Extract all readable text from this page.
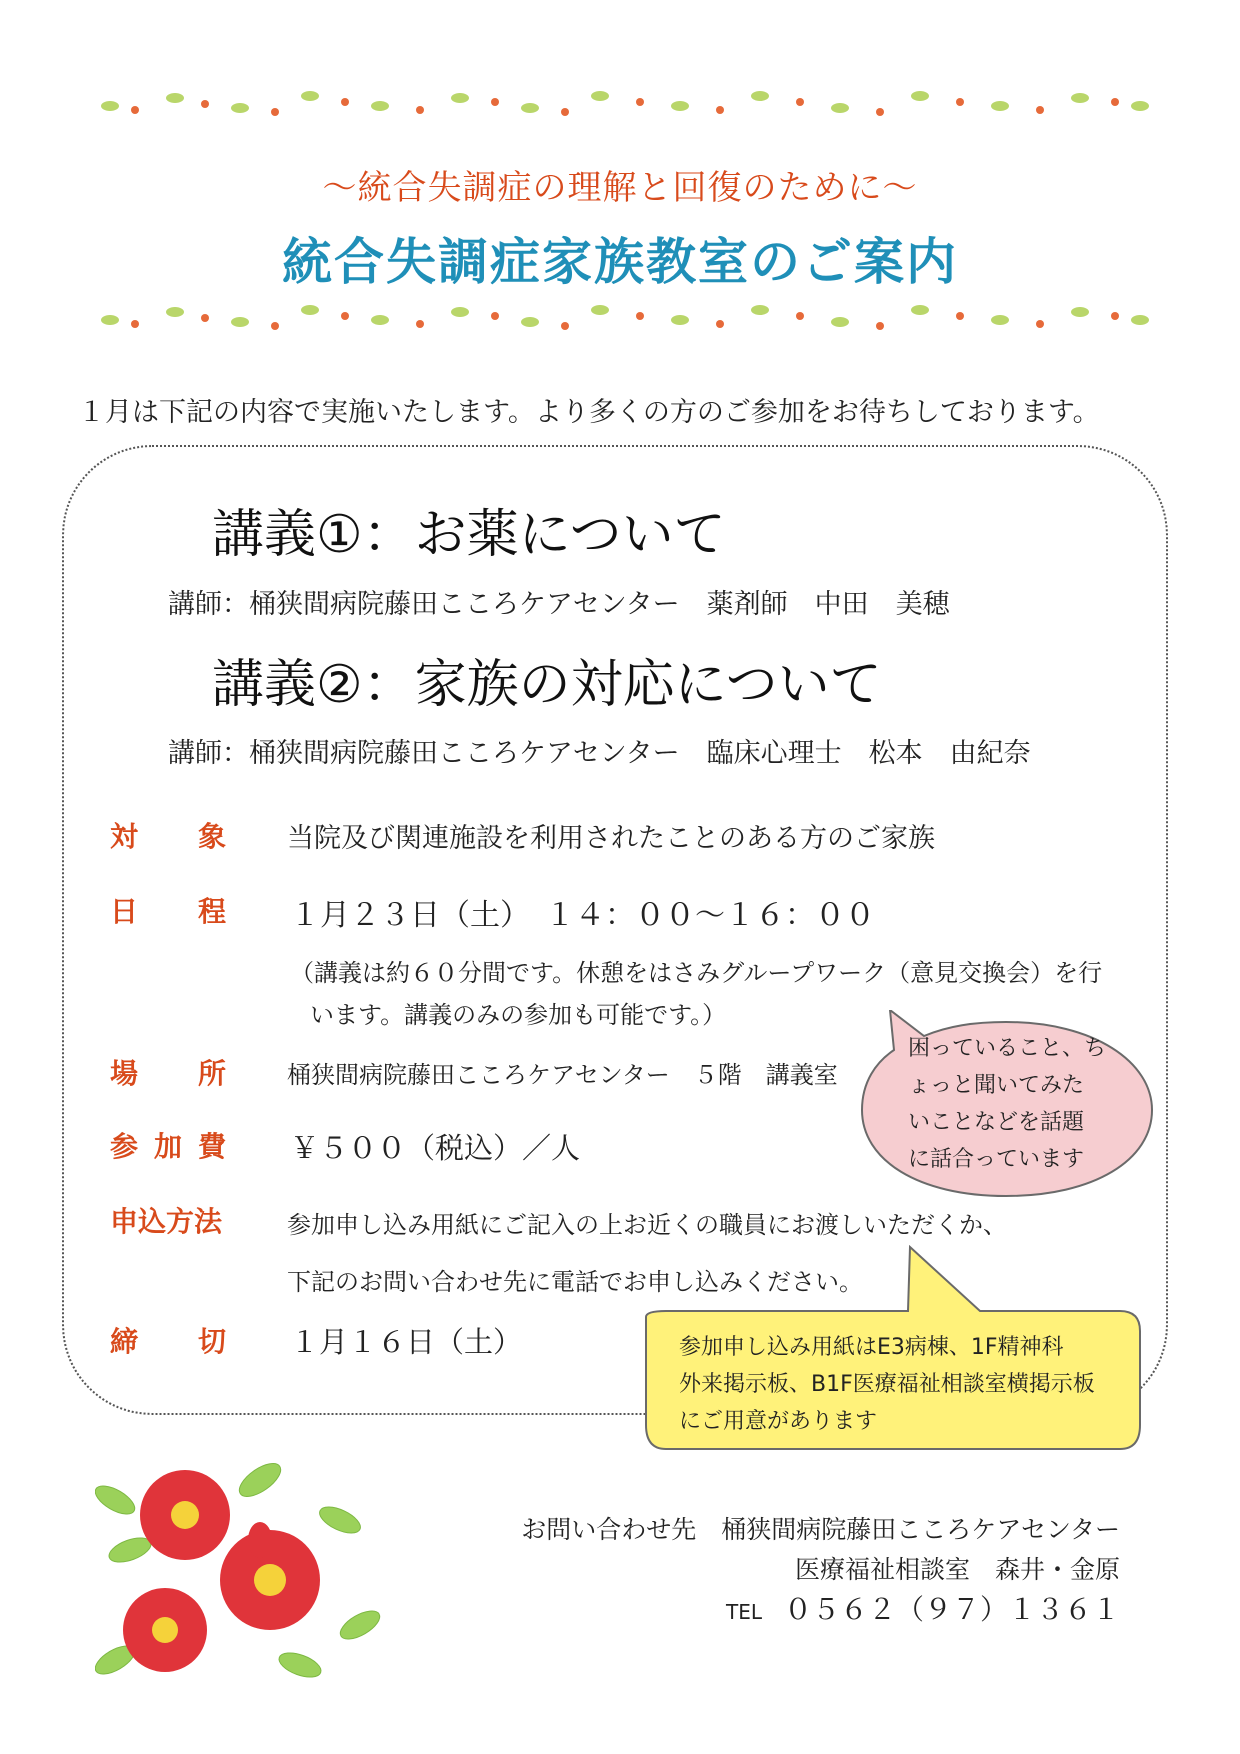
～統合失調症の理解と回復のために～
統合失調症家族教室のご案内
１月は下記の内容で実施いたします。より多くの方のご参加をお待ちしております。
講義①：お薬について
講師：桶狭間病院藤田こころケアセンター　薬剤師　中田　美穂
講義②：家族の対応について
講師：桶狭間病院藤田こころケアセンター　臨床心理士　松本　由紀奈
対 象 当院及び関連施設を利用されたことのある方のご家族
日 程 １月２３日（土）　１４：００～１６：００
（講義は約６０分間です。休憩をはさみグループワーク（意見交換会）を行
います。講義のみの参加も可能です。）
場 所	桶狭間病院藤田こころケアセンター　５階　講義室
参 加 費 ￥５００（税込）／人
申込方法	参加申し込み用紙にご記入の上お近くの職員にお渡しいただくか、
下記のお問い合わせ先に電話でお申し込みください。
締 切 １月１６日（土）
困っていること、ち
ょっと聞いてみた
いことなどを話題
に話合っています
参加申し込み用紙はE3病棟、1F精神科
外来掲示板、B1F医療福祉相談室横掲示板
にご用意があります
お問い合わせ先　桶狭間病院藤田こころケアセンター
医療福祉相談室　森井・金原
TEL ０５６２（９７）１３６１
